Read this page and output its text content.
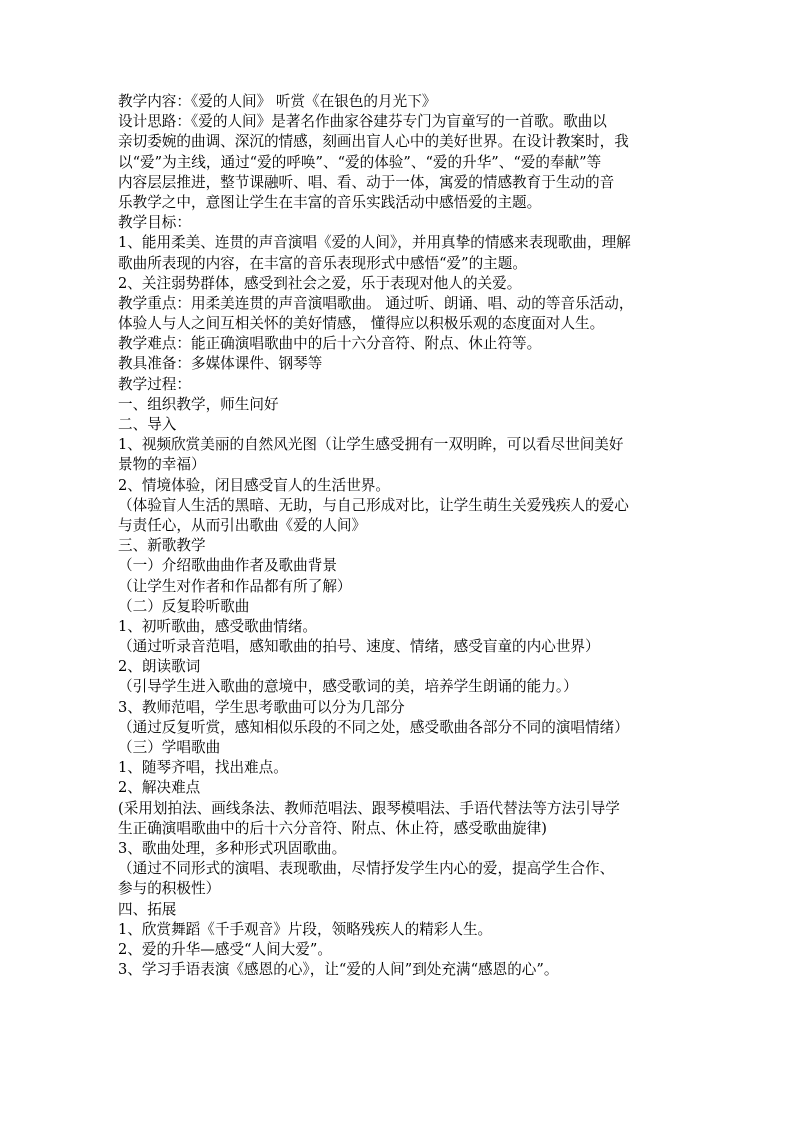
教学内容：《爱的人间》 听赏《在银色的月光下》
设计思路：《爱的人间》是著名作曲家谷建芬专门为盲童写的一首歌。歌曲以
亲切委婉的曲调、深沉的情感，刻画出盲人心中的美好世界。在设计教案时，我
以“爱”为主线，通过“爱的呼唤”、“爱的体验”、“爱的升华”、“爱的奉献”等
内容层层推进，整节课融听、唱、看、动于一体，寓爱的情感教育于生动的音
乐教学之中，意图让学生在丰富的音乐实践活动中感悟爱的主题。
教学目标：
1、能用柔美、连贯的声音演唱《爱的人间》，并用真挚的情感来表现歌曲，理解
歌曲所表现的内容，在丰富的音乐表现形式中感悟“爱”的主题。
2、关注弱势群体，感受到社会之爱，乐于表现对他人的关爱。
教学重点：用柔美连贯的声音演唱歌曲。 通过听、朗诵、唱、动的等音乐活动，
体验人与人之间互相关怀的美好情感， 懂得应以积极乐观的态度面对人生。
教学难点：能正确演唱歌曲中的后十六分音符、附点、休止符等。
教具准备：多媒体课件、钢琴等
教学过程：
一、组织教学，师生问好
二、导入
1、视频欣赏美丽的自然风光图（让学生感受拥有一双明眸，可以看尽世间美好
景物的幸福）
2、情境体验，闭目感受盲人的生活世界。
（体验盲人生活的黑暗、无助，与自己形成对比，让学生萌生关爱残疾人的爱心
与责任心，从而引出歌曲《爱的人间》
三、新歌教学
（一）介绍歌曲曲作者及歌曲背景
（让学生对作者和作品都有所了解）
（二）反复聆听歌曲
1、初听歌曲，感受歌曲情绪。
（通过听录音范唱，感知歌曲的拍号、速度、情绪，感受盲童的内心世界）
2、朗读歌词
（引导学生进入歌曲的意境中，感受歌词的美，培养学生朗诵的能力。）
3、教师范唱，学生思考歌曲可以分为几部分
（通过反复听赏，感知相似乐段的不同之处，感受歌曲各部分不同的演唱情绪）
（三）学唱歌曲
1、随琴齐唱，找出难点。
2、解决难点
(采用划拍法、画线条法、教师范唱法、跟琴模唱法、手语代替法等方法引导学
生正确演唱歌曲中的后十六分音符、附点、休止符，感受歌曲旋律)
3、歌曲处理，多种形式巩固歌曲。
（通过不同形式的演唱、表现歌曲，尽情抒发学生内心的爱，提高学生合作、
参与的积极性）
四、拓展
1、欣赏舞蹈《千手观音》片段，领略残疾人的精彩人生。
2、爱的升华—感受“人间大爱”。
3、学习手语表演《感恩的心》，让“爱的人间”到处充满“感恩的心”。
